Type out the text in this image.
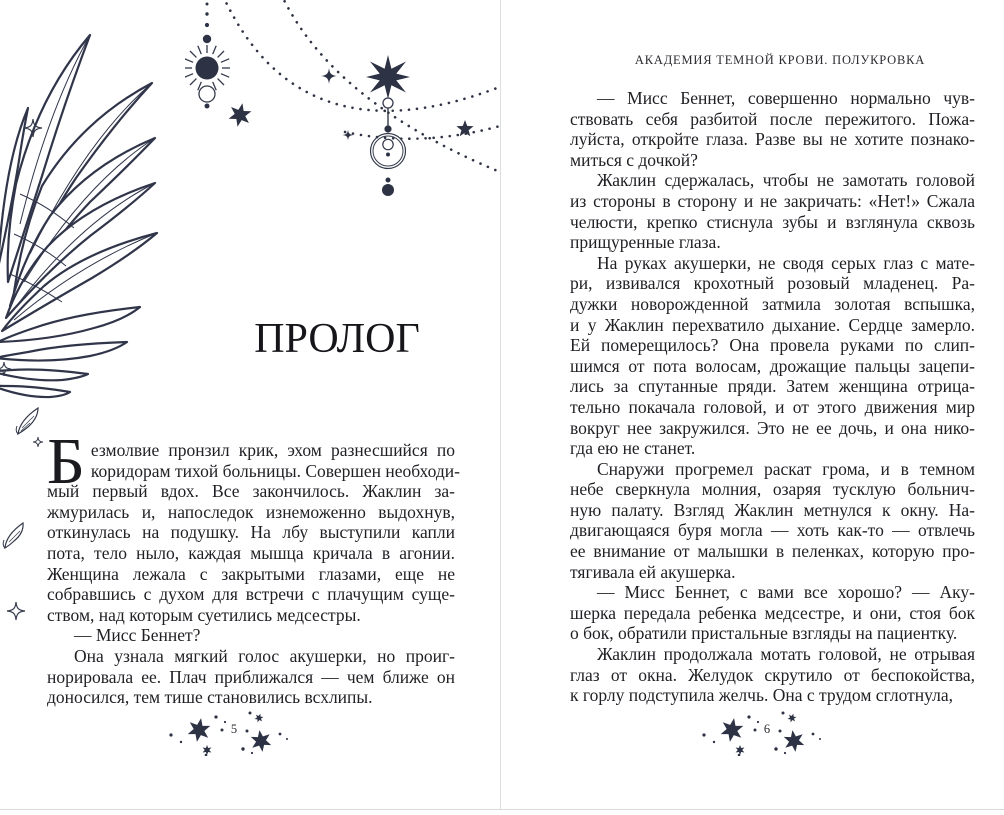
ПРОЛОГ
Б езмолвие пронзил крик, эхом разнесшийся по
коридорам тихой больницы. Совершен необходи-
мый первый вдох. Все закончилось. Жаклин за-
жмурилась и, напоследок изнеможенно выдохнув,
откинулась на подушку. На лбу выступили капли
пота, тело ныло, каждая мышца кричала в агонии.
Женщина лежала с закрытыми глазами, еще не
собравшись с духом для встречи с плачущим суще-
ством, над которым суетились медсестры.
— Мисс Беннет?
Она узнала мягкий голос акушерки, но проиг-
норировала ее. Плач приближался — чем ближе он
доносился, тем тише становились всхлипы.
5
АКАДЕМИЯ ТЕМНОЙ КРОВИ. ПОЛУКРОВКА
— Мисс Беннет, совершенно нормально чув-
ствовать себя разбитой после пережитого. Пожа-
луйста, откройте глаза. Разве вы не хотите познако-
миться с дочкой?
Жаклин сдержалась, чтобы не замотать головой
из стороны в сторону и не закричать: «Нет!» Сжала
челюсти, крепко стиснула зубы и взглянула сквозь
прищуренные глаза.
На руках акушерки, не сводя серых глаз с мате-
ри, извивался крохотный розовый младенец. Ра-
дужки новорожденной затмила золотая вспышка,
и у Жаклин перехватило дыхание. Сердце замерло.
Ей померещилось? Она провела руками по слип-
шимся от пота волосам, дрожащие пальцы зацепи-
лись за спутанные пряди. Затем женщина отрица-
тельно покачала головой, и от этого движения мир
вокруг нее закружился. Это не ее дочь, и она нико-
гда ею не станет.
Снаружи прогремел раскат грома, и в темном
небе сверкнула молния, озаряя тусклую больнич-
ную палату. Взгляд Жаклин метнулся к окну. На-
двигающаяся буря могла — хоть как-то — отвлечь
ее внимание от малышки в пеленках, которую про-
тягивала ей акушерка.
— Мисс Беннет, с вами все хорошо? — Аку-
шерка передала ребенка медсестре, и они, стоя бок
о бок, обратили пристальные взгляды на пациентку.
Жаклин продолжала мотать головой, не отрывая
глаз от окна. Желудок скрутило от беспокойства,
к горлу подступила желчь. Она с трудом сглотнула,
6
